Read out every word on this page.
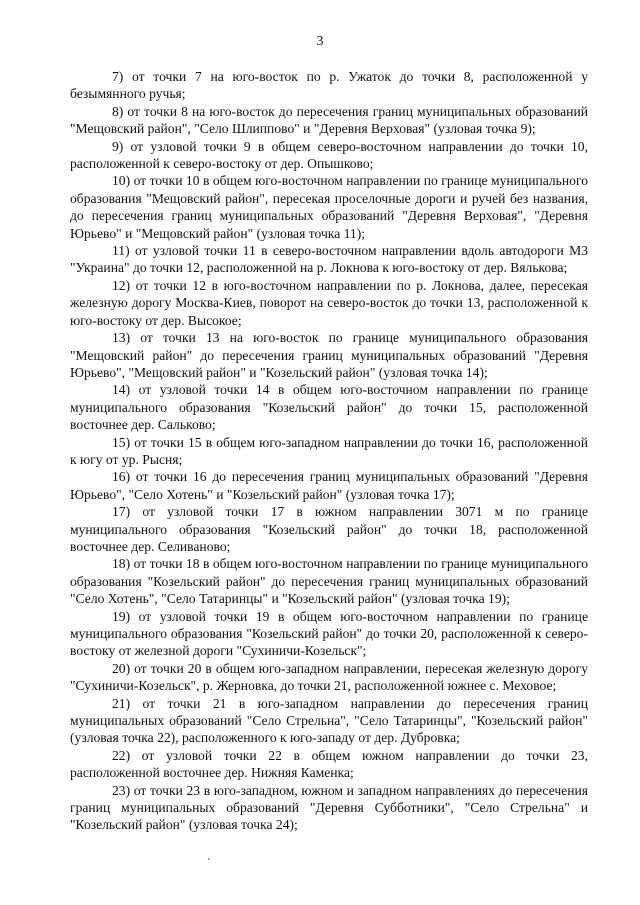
3

7) от точки 7 на юго-восток по р. Ужаток до точки 8, расположенной у безымянного ручья;

8) от точки 8 на юго-восток до пересечения границ муниципальных образований "Мещовский район", "Село Шлиппово" и "Деревня Верховая" (узловая точка 9);

9) от узловой точки 9 в общем северо-восточном направлении до точки 10, расположенной к северо-востоку от дер. Опышково;

10) от точки 10 в общем юго-восточном направлении по границе муниципального образования "Мещовский район", пересекая проселочные дороги и ручей без названия, до пересечения границ муниципальных образований "Деревня Верховая", "Деревня Юрьево" и "Мещовский район" (узловая точка 11);

11) от узловой точки 11 в северо-восточном направлении вдоль автодороги М3 "Украина" до точки 12, расположенной на р. Локнова к юго-востоку от дер. Вялькова;

12) от точки 12 в юго-восточном направлении по р. Локнова, далее, пересекая железную дорогу Москва-Киев, поворот на северо-восток до точки 13, расположенной к юго-востоку от дер. Высокое;

13) от точки 13 на юго-восток по границе муниципального образования "Мещовский район" до пересечения границ муниципальных образований "Деревня Юрьево", "Мещовский район" и "Козельский район" (узловая точка 14);

14) от узловой точки 14 в общем юго-восточном направлении по границе муниципального образования "Козельский район" до точки 15, расположенной восточнее дер. Сальково;

15) от точки 15 в общем юго-западном направлении до точки 16, расположенной к югу от ур. Рысня;

16) от точки 16 до пересечения границ муниципальных образований "Деревня Юрьево", "Село Хотень" и "Козельский район" (узловая точка 17);

17) от узловой точки 17 в южном направлении 3071 м по границе муниципального образования "Козельский район" до точки 18, расположенной восточнее дер. Селиваново;

18) от точки 18 в общем юго-восточном направлении по границе муниципального образования "Козельский район" до пересечения границ муниципальных образований "Село Хотень", "Село Татаринцы" и "Козельский район" (узловая точка 19);

19) от узловой точки 19 в общем юго-восточном направлении по границе муниципального образования "Козельский район" до точки 20, расположенной к северо-востоку от железной дороги "Сухиничи-Козельск";

20) от точки 20 в общем юго-западном направлении, пересекая железную дорогу "Сухиничи-Козельск", р. Жерновка, до точки 21, расположенной южнее с. Меховое;

21) от точки 21 в юго-западном направлении до пересечения границ муниципальных образований "Село Стрельна", "Село Татаринцы", "Козельский район" (узловая точка 22), расположенного к юго-западу от дер. Дубровка;

22) от узловой точки 22 в общем южном направлении до точки 23, расположенной восточнее дер. Нижняя Каменка;

23) от точки 23 в юго-западном, южном и западном направлениях до пересечения границ муниципальных образований "Деревня Субботники", "Село Стрельна" и "Козельский район" (узловая точка 24);
